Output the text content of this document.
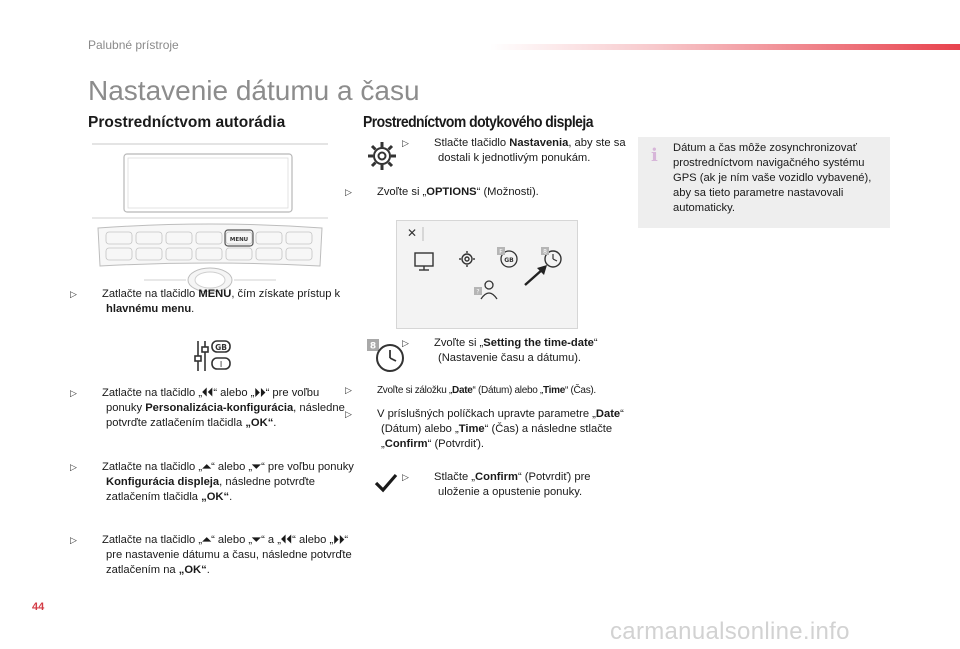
Palubné prístroje
Nastavenie dátumu a času
Prostredníctvom autorádia
MENU
▷ Zatlačte na tlačidlo MENU, čím získate prístup k hlavnému menu.
GB
I
▷ Zatlačte na tlačidlo „⏴⏴“ alebo „⏵⏵“ pre voľbu ponuky Personalizácia-konfigurácia, následne potvrďte zatlačením tlačidla „OK“.
▷ Zatlačte na tlačidlo „⏶“ alebo „⏷“ pre voľbu ponuky Konfigurácia displeja, následne potvrďte zatlačením tlačidla „OK“.
▷ Zatlačte na tlačidlo „⏶“ alebo „⏷“ a „⏴⏴“ alebo „⏵⏵“ pre nastavenie dátumu a času, následne potvrďte zatlačením na „OK“.
Prostredníctvom dotykového displeja
▷ Stlačte tlačidlo Nastavenia, aby ste sa dostali k jednotlivým ponukám.
▷ Zvoľte si „OPTIONS“ (Možnosti).
✕
GB
F	8
?
8	▷ Zvoľte si „Setting the time-date“ (Nastavenie času a dátumu).
▷	Zvoľte si záložku „Date“ (Dátum) alebo „Time“ (Čas).
▷ V príslušných políčkach upravte parametre „Date“ (Dátum) alebo „Time“ (Čas) a následne stlačte „Confirm“ (Potvrdiť).
▷ Stlačte „Confirm“ (Potvrdiť) pre uloženie a opustenie ponuky.
i Dátum a čas môže zosynchronizovať prostredníctvom navigačného systému GPS (ak je ním vaše vozidlo vybavené), aby sa tieto parametre nastavovali automaticky.
44
carmanualsonline.info
